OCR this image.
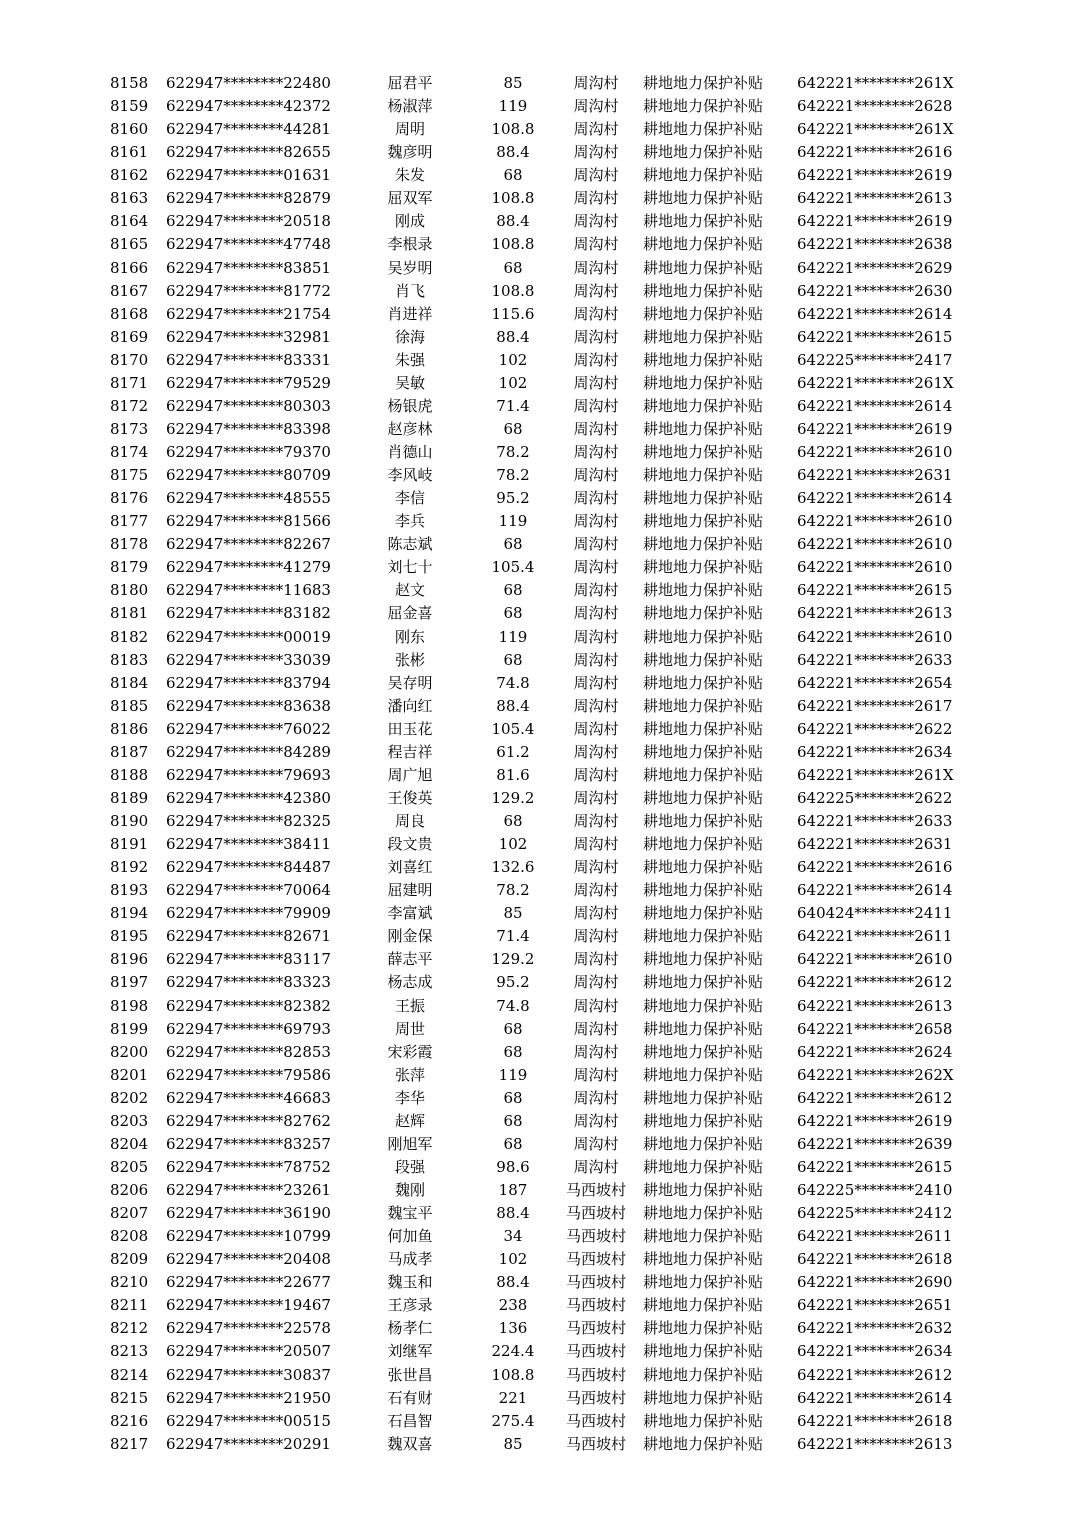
8158 622947********22480	屈君平	85	周沟村	耕地地力保护补贴 642221********261X
8159 622947********42372	杨淑萍	119	周沟村	耕地地力保护补贴 642221********2628
8160 622947********44281	周明	108.8	周沟村	耕地地力保护补贴 642221********261X
8161 622947********82655	魏彦明	88.4	周沟村	耕地地力保护补贴 642221********2616
8162 622947********01631	朱发	68	周沟村	耕地地力保护补贴 642221********2619
8163 622947********82879	屈双军	108.8	周沟村	耕地地力保护补贴 642221********2613
8164 622947********20518	刚成	88.4	周沟村	耕地地力保护补贴 642221********2619
8165 622947********47748	李根录	108.8	周沟村	耕地地力保护补贴 642221********2638
8166 622947********83851	吴岁明	68	周沟村	耕地地力保护补贴 642221********2629
8167 622947********81772	肖飞	108.8	周沟村	耕地地力保护补贴 642221********2630
8168 622947********21754	肖进祥	115.6	周沟村	耕地地力保护补贴 642221********2614
8169 622947********32981	徐海	88.4	周沟村	耕地地力保护补贴 642221********2615
8170 622947********83331	朱强	102	周沟村	耕地地力保护补贴 642225********2417
8171 622947********79529	吴敏	102	周沟村	耕地地力保护补贴 642221********261X
8172 622947********80303	杨银虎	71.4	周沟村	耕地地力保护补贴 642221********2614
8173 622947********83398	赵彦林	68	周沟村	耕地地力保护补贴 642221********2619
8174 622947********79370	肖德山	78.2	周沟村	耕地地力保护补贴 642221********2610
8175 622947********80709	李风岐	78.2	周沟村	耕地地力保护补贴 642221********2631
8176 622947********48555	李信	95.2	周沟村	耕地地力保护补贴 642221********2614
8177 622947********81566	李兵	119	周沟村	耕地地力保护补贴 642221********2610
8178 622947********82267	陈志斌	68	周沟村	耕地地力保护补贴 642221********2610
8179 622947********41279	刘七十	105.4	周沟村	耕地地力保护补贴 642221********2610
8180 622947********11683	赵文	68	周沟村	耕地地力保护补贴 642221********2615
8181 622947********83182	屈金喜	68	周沟村	耕地地力保护补贴 642221********2613
8182 622947********00019	刚东	119	周沟村	耕地地力保护补贴 642221********2610
8183 622947********33039	张彬	68	周沟村	耕地地力保护补贴 642221********2633
8184 622947********83794	吴存明	74.8	周沟村	耕地地力保护补贴 642221********2654
8185 622947********83638	潘向红	88.4	周沟村	耕地地力保护补贴 642221********2617
8186 622947********76022	田玉花	105.4	周沟村	耕地地力保护补贴 642221********2622
8187 622947********84289	程吉祥	61.2	周沟村	耕地地力保护补贴 642221********2634
8188 622947********79693	周广旭	81.6	周沟村	耕地地力保护补贴 642221********261X
8189 622947********42380	王俊英	129.2	周沟村	耕地地力保护补贴 642225********2622
8190 622947********82325	周良	68	周沟村	耕地地力保护补贴 642221********2633
8191 622947********38411	段文贵	102	周沟村	耕地地力保护补贴 642221********2631
8192 622947********84487	刘喜红	132.6	周沟村	耕地地力保护补贴 642221********2616
8193 622947********70064	屈建明	78.2	周沟村	耕地地力保护补贴 642221********2614
8194 622947********79909	李富斌	85	周沟村	耕地地力保护补贴 640424********2411
8195 622947********82671	刚金保	71.4	周沟村	耕地地力保护补贴 642221********2611
8196 622947********83117	薛志平	129.2	周沟村	耕地地力保护补贴 642221********2610
8197 622947********83323	杨志成	95.2	周沟村	耕地地力保护补贴 642221********2612
8198 622947********82382	王振	74.8	周沟村	耕地地力保护补贴 642221********2613
8199 622947********69793	周世	68	周沟村	耕地地力保护补贴 642221********2658
8200 622947********82853	宋彩霞	68	周沟村	耕地地力保护补贴 642221********2624
8201 622947********79586	张萍	119	周沟村	耕地地力保护补贴 642221********262X
8202 622947********46683	李华	68	周沟村	耕地地力保护补贴 642221********2612
8203 622947********82762	赵辉	68	周沟村	耕地地力保护补贴 642221********2619
8204 622947********83257	刚旭军	68	周沟村	耕地地力保护补贴 642221********2639
8205 622947********78752	段强	98.6	周沟村	耕地地力保护补贴 642221********2615
8206 622947********23261	魏刚	187	马西坡村	耕地地力保护补贴 642225********2410
8207 622947********36190	魏宝平	88.4	马西坡村	耕地地力保护补贴 642225********2412
8208 622947********10799	何加鱼	34	马西坡村	耕地地力保护补贴 642221********2611
8209 622947********20408	马成孝	102	马西坡村	耕地地力保护补贴 642221********2618
8210 622947********22677	魏玉和	88.4	马西坡村	耕地地力保护补贴 642221********2690
8211 622947********19467	王彦录	238	马西坡村	耕地地力保护补贴 642221********2651
8212 622947********22578	杨孝仁	136	马西坡村	耕地地力保护补贴 642221********2632
8213 622947********20507	刘继军	224.4	马西坡村	耕地地力保护补贴 642221********2634
8214 622947********30837	张世昌	108.8	马西坡村	耕地地力保护补贴 642221********2612
8215 622947********21950	石有财	221	马西坡村	耕地地力保护补贴 642221********2614
8216 622947********00515	石昌智	275.4	马西坡村	耕地地力保护补贴 642221********2618
8217 622947********20291	魏双喜	85	马西坡村	耕地地力保护补贴 642221********2613
